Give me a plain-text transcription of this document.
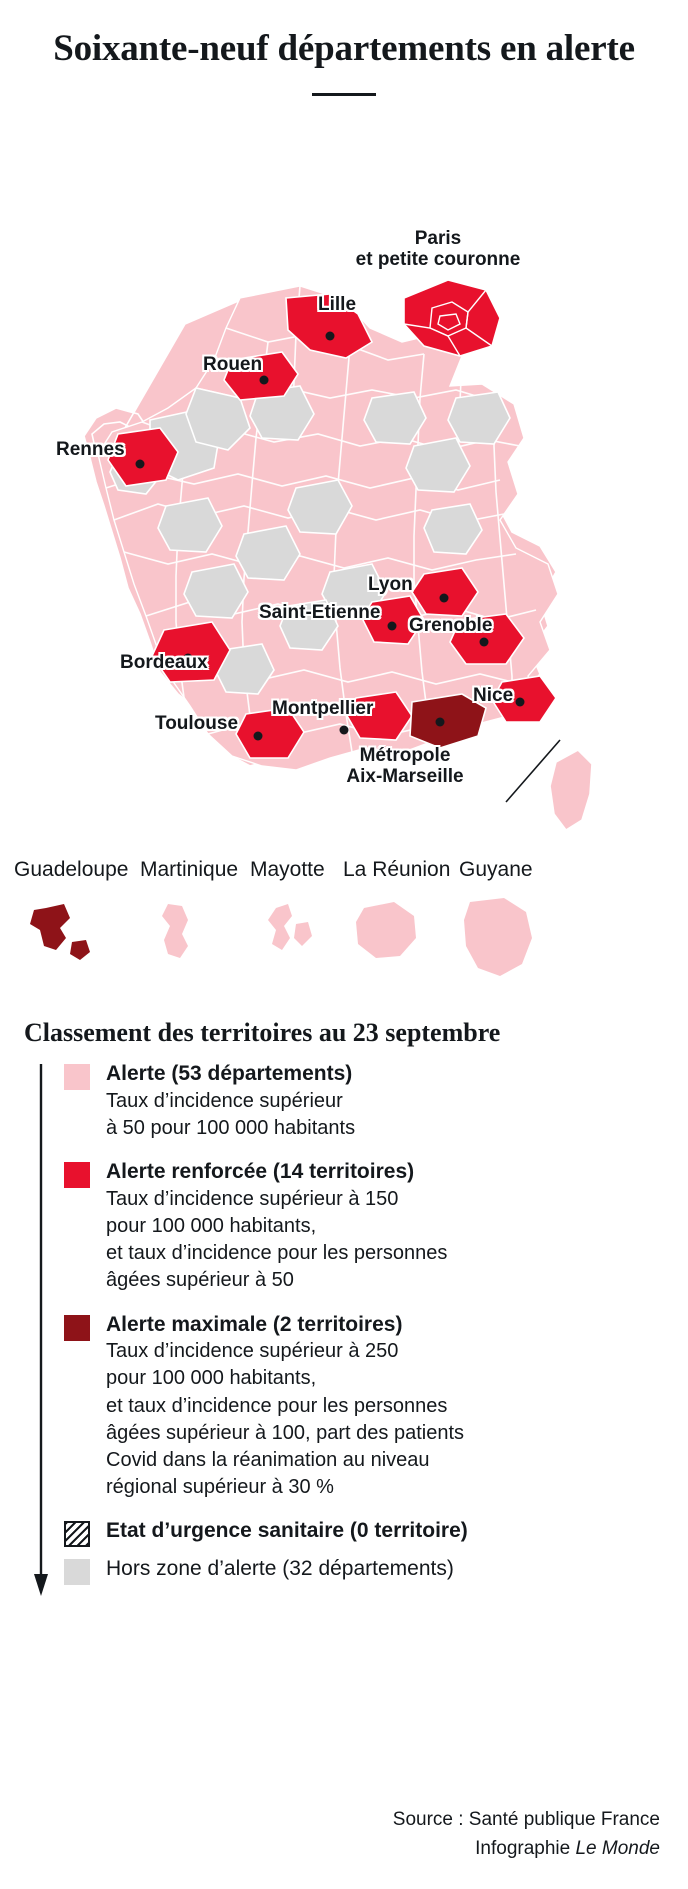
Soixante-neuf départements en alerte
Paris
et petite couronne
Lille
Rouen
Rennes
Lyon
Saint-Etienne
Grenoble
Bordeaux
Montpellier
Nice
Toulouse
Métropole
Aix-Marseille
Guadeloupe Martinique Mayotte La Réunion Guyane
Classement des territoires au 23 septembre
Alerte (53 départements)
Taux d’incidence supérieur
à 50 pour 100 000 habitants
Alerte renforcée (14 territoires)
Taux d’incidence supérieur à 150
pour 100 000 habitants,
et taux d’incidence pour les personnes
âgées supérieur à 50
Alerte maximale (2 territoires)
Taux d’incidence supérieur à 250
pour 100 000 habitants,
et taux d’incidence pour les personnes
âgées supérieur à 100, part des patients
Covid dans la réanimation au niveau
régional supérieur à 30 %
Etat d’urgence sanitaire (0 territoire)
Hors zone d’alerte (32 départements)
Source : Santé publique France
Infographie Le Monde
